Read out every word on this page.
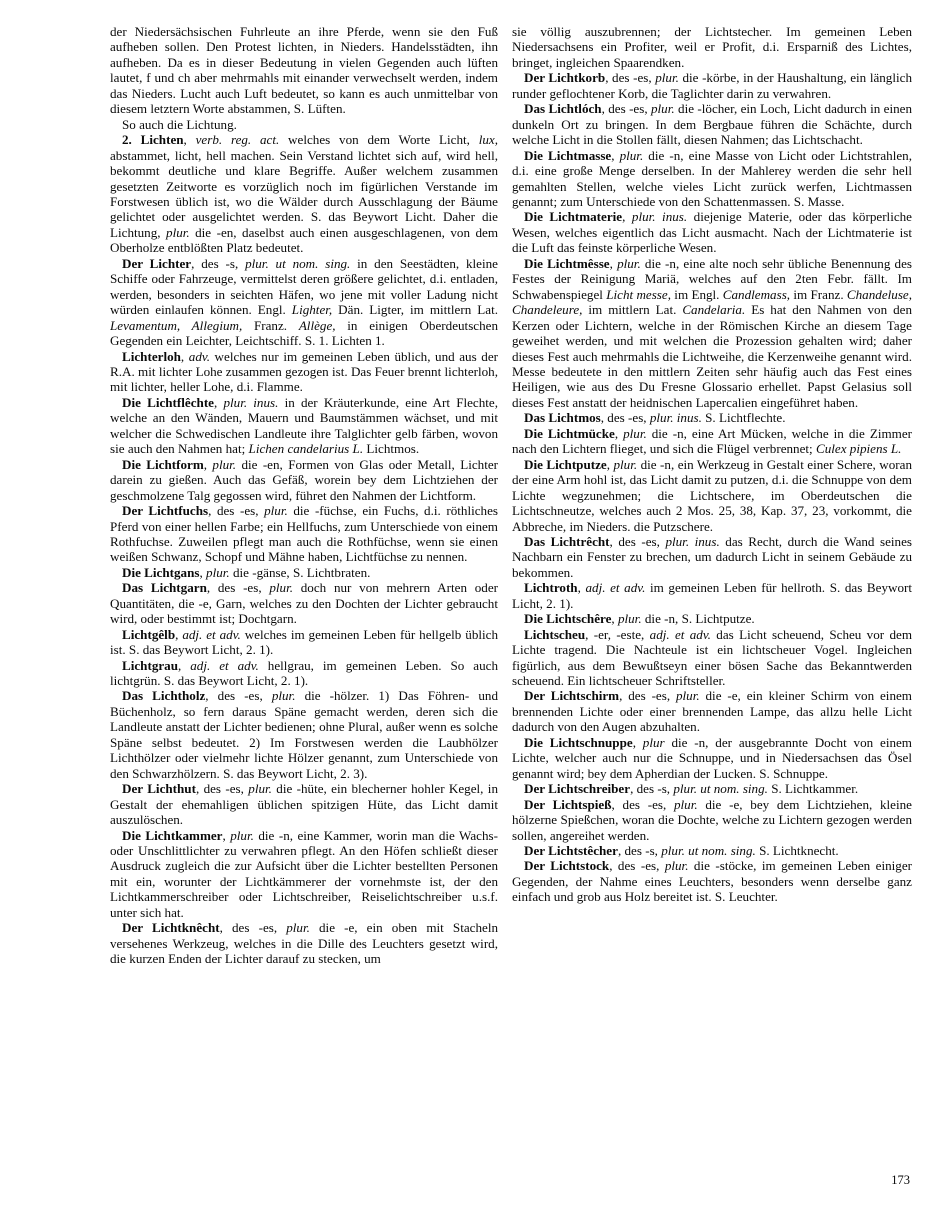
der Niedersächsischen Fuhrleute an ihre Pferde, wenn sie den Fuß aufheben sollen. Den Protest lichten, in Nieders. Handelsstädten, ihn aufheben. Da es in dieser Bedeutung in vielen Gegenden auch lüften lautet, f und ch aber mehrmahls mit einander verwechselt werden, indem das Nieders. Lucht auch Luft bedeutet, so kann es auch unmittelbar von diesem letztern Worte abstammen, S. Lüften.
So auch die Lichtung.
2. Lichten, verb. reg. act. welches von dem Worte Licht, lux, abstammet, licht, hell machen. Sein Verstand lichtet sich auf, wird hell, bekommt deutliche und klare Begriffe. Außer welchem zusammen gesetzten Zeitworte es vorzüglich noch im figürlichen Verstande im Forstwesen üblich ist, wo die Wälder durch Ausschlagung der Bäume gelichtet oder ausgelichtet werden. S. das Beywort Licht. Daher die Lichtung, plur. die -en, daselbst auch einen ausgeschlagenen, von dem Oberholze entblößten Platz bedeutet.
Der Lichter, des -s, plur. ut nom. sing. in den Seestädten, kleine Schiffe oder Fahrzeuge, vermittelst deren größere gelichtet, d.i. entladen, werden, besonders in seichten Häfen, wo jene mit voller Ladung nicht würden einlaufen können. Engl. Lighter, Dän. Ligter, im mittlern Lat. Levamentum, Allegium, Franz. Allège, in einigen Oberdeutschen Gegenden ein Leichter, Leichtschiff. S. 1. Lichten 1.
Lichterloh, adv. welches nur im gemeinen Leben üblich, und aus der R.A. mit lichter Lohe zusammen gezogen ist. Das Feuer brennt lichterloh, mit lichter, heller Lohe, d.i. Flamme.
Die Lichtflêchte, plur. inus. in der Kräuterkunde, eine Art Flechte, welche an den Wänden, Mauern und Baumstämmen wächset, und mit welcher die Schwedischen Landleute ihre Talglichter gelb färben, wovon sie auch den Nahmen hat; Lichen candelarius L. Lichtmos.
Die Lichtform, plur. die -en, Formen von Glas oder Metall, Lichter darein zu gießen. Auch das Gefäß, worein bey dem Lichtziehen der geschmolzene Talg gegossen wird, führet den Nahmen der Lichtform.
Der Lichtfuchs, des -es, plur. die -füchse, ein Fuchs, d.i. röthliches Pferd von einer hellen Farbe; ein Hellfuchs, zum Unterschiede von einem Rothfuchse. Zuweilen pflegt man auch die Rothfüchse, wenn sie einen weißen Schwanz, Schopf und Mähne haben, Lichtfüchse zu nennen.
Die Lichtgans, plur. die -gänse, S. Lichtbraten.
Das Lichtgarn, des -es, plur. doch nur von mehrern Arten oder Quantitäten, die -e, Garn, welches zu den Dochten der Lichter gebraucht wird, oder bestimmt ist; Dochtgarn.
Lichtgêlb, adj. et adv. welches im gemeinen Leben für hellgelb üblich ist. S. das Beywort Licht, 2. 1).
Lichtgrau, adj. et adv. hellgrau, im gemeinen Leben. So auch lichtgrün. S. das Beywort Licht, 2. 1).
Das Lichtholz, des -es, plur. die -hölzer. 1) Das Föhren- und Büchenholz, so fern daraus Späne gemacht werden, deren sich die Landleute anstatt der Lichter bedienen; ohne Plural, außer wenn es solche Späne selbst bedeutet. 2) Im Forstwesen werden die Laubhölzer Lichthölzer oder vielmehr lichte Hölzer genannt, zum Unterschiede von den Schwarzhölzern. S. das Beywort Licht, 2. 3).
Der Lichthut, des -es, plur. die -hüte, ein blecherner hohler Kegel, in Gestalt der ehemahligen üblichen spitzigen Hüte, das Licht damit auszulöschen.
Die Lichtkammer, plur. die -n, eine Kammer, worin man die Wachs- oder Unschlittlichter zu verwahren pflegt. An den Höfen schließt dieser Ausdruck zugleich die zur Aufsicht über die Lichter bestellten Personen mit ein, worunter der Lichtkämmerer der vornehmste ist, der den Lichtkammerschreiber oder Lichtschreiber, Reiselichtschreiber u.s.f. unter sich hat.
Der Lichtknêcht, des -es, plur. die -e, ein oben mit Stacheln versehenes Werkzeug, welches in die Dille des Leuchters gesetzt wird, die kurzen Enden der Lichter darauf zu stecken, um
sie völlig auszubrennen; der Lichtstecher. Im gemeinen Leben Niedersachsens ein Profiter, weil er Profit, d.i. Ersparniß des Lichtes, bringet, ingleichen Spaarendken.
Der Lichtkorb, des -es, plur. die -körbe, in der Haushaltung, ein länglich runder geflochtener Korb, die Taglichter darin zu verwahren.
Das Lichtlóch, des -es, plur. die -löcher, ein Loch, Licht dadurch in einen dunkeln Ort zu bringen. In dem Bergbaue führen die Schächte, durch welche Licht in die Stollen fällt, diesen Nahmen; das Lichtschacht.
Die Lichtmasse, plur. die -n, eine Masse von Licht oder Lichtstrahlen, d.i. eine große Menge derselben. In der Mahlerey werden die sehr hell gemahlten Stellen, welche vieles Licht zurück werfen, Lichtmassen genannt; zum Unterschiede von den Schattenmassen. S. Masse.
Die Lichtmaterie, plur. inus. diejenige Materie, oder das körperliche Wesen, welches eigentlich das Licht ausmacht. Nach der Lichtmaterie ist die Luft das feinste körperliche Wesen.
Die Lichtmêsse, plur. die -n, eine alte noch sehr übliche Benennung des Festes der Reinigung Mariä, welches auf den 2ten Febr. fällt. Im Schwabenspiegel Licht messe, im Engl. Candlemass, im Franz. Chandeluse, Chandeleure, im mittlern Lat. Candelaria. Es hat den Nahmen von den Kerzen oder Lichtern, welche in der Römischen Kirche an diesem Tage geweihet werden, und mit welchen die Prozession gehalten wird; daher dieses Fest auch mehrmahls die Lichtweihe, die Kerzenweihe genannt wird. Messe bedeutete in den mittlern Zeiten sehr häufig auch das Fest eines Heiligen, wie aus des Du Fresne Glossario erhellet. Papst Gelasius soll dieses Fest anstatt der heidnischen Lapercalien eingeführet haben.
Das Lichtmos, des -es, plur. inus. S. Lichtflechte.
Die Lichtmücke, plur. die -n, eine Art Mücken, welche in die Zimmer nach den Lichtern flieget, und sich die Flügel verbrennet; Culex pipiens L.
Die Lichtputze, plur. die -n, ein Werkzeug in Gestalt einer Schere, woran der eine Arm hohl ist, das Licht damit zu putzen, d.i. die Schnuppe von dem Lichte wegzunehmen; die Lichtschere, im Oberdeutschen die Lichtschneutze, welches auch 2 Mos. 25, 38, Kap. 37, 23, vorkommt, die Abbreche, im Nieders. die Putzschere.
Das Lichtrêcht, des -es, plur. inus. das Recht, durch die Wand seines Nachbarn ein Fenster zu brechen, um dadurch Licht in seinem Gebäude zu bekommen.
Lichtroth, adj. et adv. im gemeinen Leben für hellroth. S. das Beywort Licht, 2. 1).
Die Lichtschêre, plur. die -n, S. Lichtputze.
Lichtscheu, -er, -este, adj. et adv. das Licht scheuend, Scheu vor dem Lichte tragend. Die Nachteule ist ein lichtscheuer Vogel. Ingleichen figürlich, aus dem Bewußtseyn einer bösen Sache das Bekanntwerden scheuend. Ein lichtscheuer Schriftsteller.
Der Lichtschirm, des -es, plur. die -e, ein kleiner Schirm von einem brennenden Lichte oder einer brennenden Lampe, das allzu helle Licht dadurch von den Augen abzuhalten.
Die Lichtschnuppe, plur die -n, der ausgebrannte Docht von einem Lichte, welcher auch nur die Schnuppe, und in Niedersachsen das Ösel genannt wird; bey dem Apherdian der Lucken. S. Schnuppe.
Der Lichtschreiber, des -s, plur. ut nom. sing. S. Lichtkammer.
Der Lichtspieß, des -es, plur. die -e, bey dem Lichtziehen, kleine hölzerne Spießchen, woran die Dochte, welche zu Lichtern gezogen werden sollen, angereihet werden.
Der Lichtstêcher, des -s, plur. ut nom. sing. S. Lichtknecht.
Der Lichtstock, des -es, plur. die -stöcke, im gemeinen Leben einiger Gegenden, der Nahme eines Leuchters, besonders wenn derselbe ganz einfach und grob aus Holz bereitet ist. S. Leuchter.
173
